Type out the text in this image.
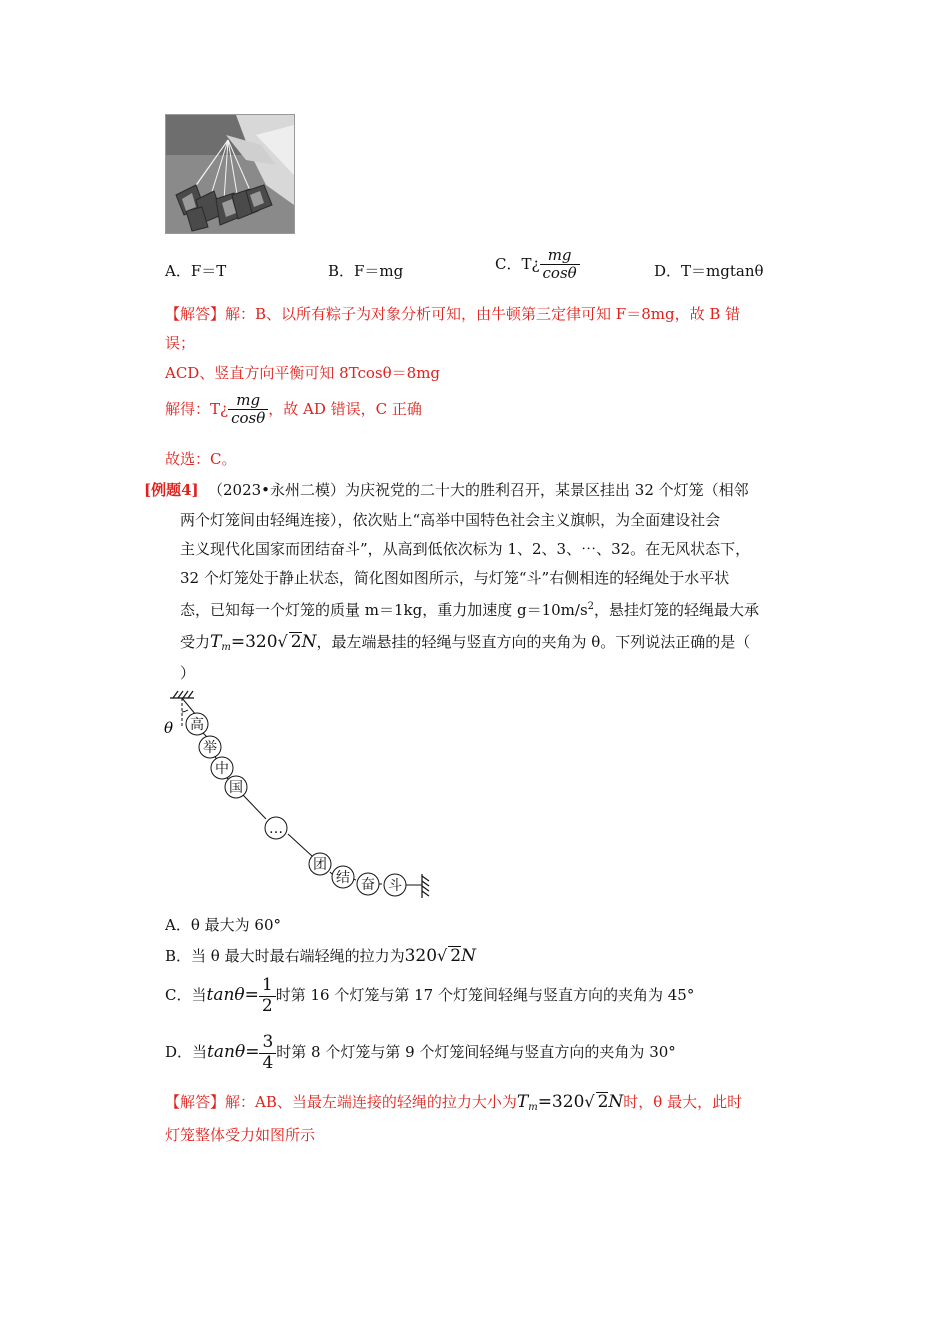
A．F＝T	B．F＝mg	C．T¿ $\frac{mg}{\cos\theta}$	D．T＝mgtanθ
【解答】解：B、以所有粽子为对象分析可知，由牛顿第三定律可知 F＝8mg，故 B 错
误；
ACD、竖直方向平衡可知 8Tcosθ＝8mg
解得：T¿ $\frac{mg}{\cos\theta}$ ，故 AD 错误，C 正确
故选：C。
[例题4] （2023•永州二模）为庆祝党的二十大的胜利召开，某景区挂出 32 个灯笼（相邻
两个灯笼间由轻绳连接），依次贴上“高举中国特色社会主义旗帜，为全面建设社会
主义现代化国家而团结奋斗”，从高到低依次标为 1、2、3、⋯、32。在无风状态下，
32 个灯笼处于静止状态，简化图如图所示，与灯笼“斗”右侧相连的轻绳处于水平状
态，已知每一个灯笼的质量 m＝1kg，重力加速度 $g=10m/s^2$，悬挂灯笼的轻绳最大承
受力$T_m=320√$ 2N，最左端悬挂的轻绳与竖直方向的夹角为 θ。下列说法正确的是（
）
θ 高
举
中
国
…
团
结 奋 斗
A．θ 最大为 60°
B．当 θ 最大时最右端轻绳的拉力为320√ 2N
C．当$\tan\theta= \frac{1}{2}$ 时第 16 个灯笼与第 17 个灯笼间轻绳与竖直方向的夹角为 45°
D．当$\tan\theta= \frac{3}{4}$ 时第 8 个灯笼与第 9 个灯笼间轻绳与竖直方向的夹角为 30°
【解答】解：AB、当最左端连接的轻绳的拉力大小为$T_m=320√$ 2N时，θ 最大，此时
灯笼整体受力如图所示
